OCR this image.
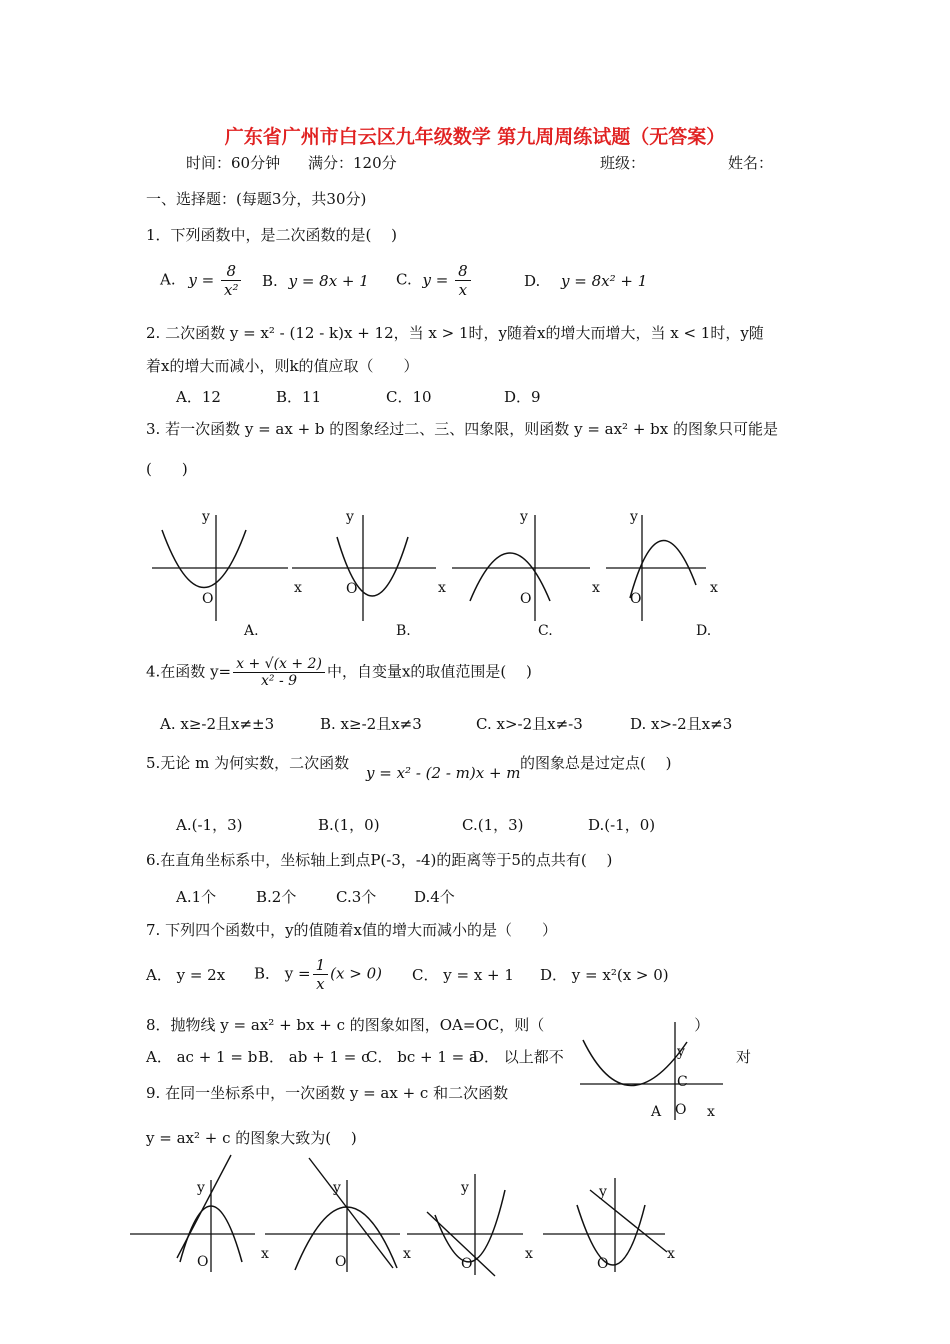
广东省广州市白云区九年级数学 第九周周练试题（无答案）
时间：60分钟 满分：120分	班级：	姓名：
一、选择题：(每题3分，共30分)
1．下列函数中，是二次函数的是(　 )
A. $y = \frac{8}{\text{x²}} B$. y = 8x + 1 C. $y = \frac{8}{x}$	D. y = 8x² + 1
2. 二次函数 y = x² - (12 - k)x + 12，当 x > 1时，y随着x的增大而增大，当 x < 1时，y随
着x的增大而减小，则k的值应取（　　）
A．12	B．11	C．10	D．9
3. 若一次函数 y = ax + b 的图象经过二、三、四象限，则函数 y = ax² + bx 的图象只可能是
(　　)
y
x
O
A.
y
x
O
B.
y
x
O
C.
y
x
O
D.
4.在函数 $y= \frac{x + √(x + 2)}{\text{x² - 9}}$ 中，自变量x的取值范围是(　 )
A. x≥-2且x≠±3	B. x≥-2且x≠3	C. x>-2且x≠-3	D. x>-2且x≠3
5.无论 m 为何实数，二次函数
y = x² - (2 - m)x + m
的图象总是过定点(　 )
A.(-1，3)	B.(1，0)	C.(1，3)	D.(-1，0)
6.在直角坐标系中，坐标轴上到点P(-3，-4)的距离等于5的点共有(　 )
A.1个	B.2个	C.3个	D.4个
7. 下列四个函数中，y的值随着x值的增大而减小的是（　　）
A． y = 2x B． $y = \frac{1}{x} (x > 0)$ C． y = x + 1 D． y = x²(x > 0)
8．抛物线 y = ax² + bx + c 的图象如图，OA=OC，则（　　　　　　　　　　）
A． ac + 1 = b B． ab + 1 = c
C． bc + 1 = a
D． 以上都不	对
y
C
A O x
9. 在同一坐标系中，一次函数 y = ax + c 和二次函数
y = ax² + c 的图象大致为(　 )
y
x
O
y
x
O
y
x
O
y
x
O
